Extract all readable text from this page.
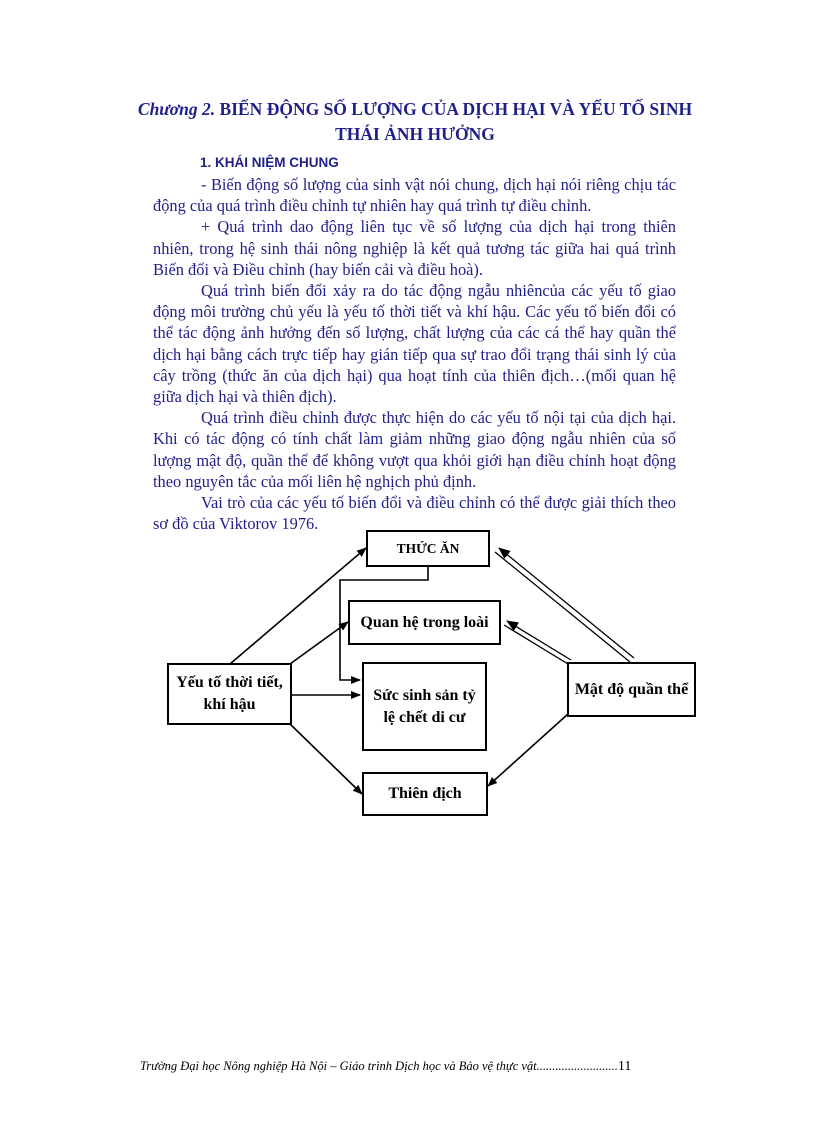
Chương 2. BIẾN ĐỘNG SỐ LƯỢNG CỦA DỊCH HẠI VÀ YẾU TỐ SINH
THÁI ẢNH HƯỞNG
1. KHÁI NIỆM CHUNG

- Biến động số lượng của sinh vật nói chung, dịch hại nói riêng chịu tác động của quá trình điều chỉnh tự nhiên hay quá trình tự điều chỉnh.

+ Quá trình dao động liên tục về số lượng của dịch hại trong thiên nhiên, trong hệ sinh thái nông nghiệp là kết quả tương tác giữa hai quá trình Biến đổi và Điều chỉnh (hay biến cải và điều hoà).

Quá trình biến đổi xảy ra do tác động ngẫu nhiêncủa các yếu tố giao động môi trường chủ yếu là yếu tố thời tiết và khí hậu. Các yếu tố biến đổi có thể tác động ảnh hưởng đến số lượng, chất lượng của các cá thể hay quần thể dịch hại bằng cách trực tiếp hay gián tiếp qua sự trao đổi trạng thái sinh lý của cây trồng (thức ăn của dịch hại) qua hoạt tính của thiên địch…(mối quan hệ giữa dịch hại và thiên địch).

Quá trình điều chỉnh được thực hiện do các yếu tố nội tại của dịch hại. Khi có tác động có tính chất làm giảm những giao động ngẫu nhiên của số lượng mật độ, quần thể để không vượt qua khỏi giới hạn điều chỉnh hoạt động theo nguyên tắc của mối liên hệ nghịch phủ định.

Vai trò của các yếu tố biến đổi và điều chỉnh có thể được giải thích theo sơ đồ của Viktorov 1976.

THỨC ĂN
Quan hệ trong loài
Sức sinh sản tỷ lệ chết di cư
Yếu tố thời tiết, khí hậu
Mật độ quần thể
Thiên địch
Trường Đại học Nông nghiệp Hà Nội – Giáo trình Dịch học và Bảo vệ thực vật..........................11
